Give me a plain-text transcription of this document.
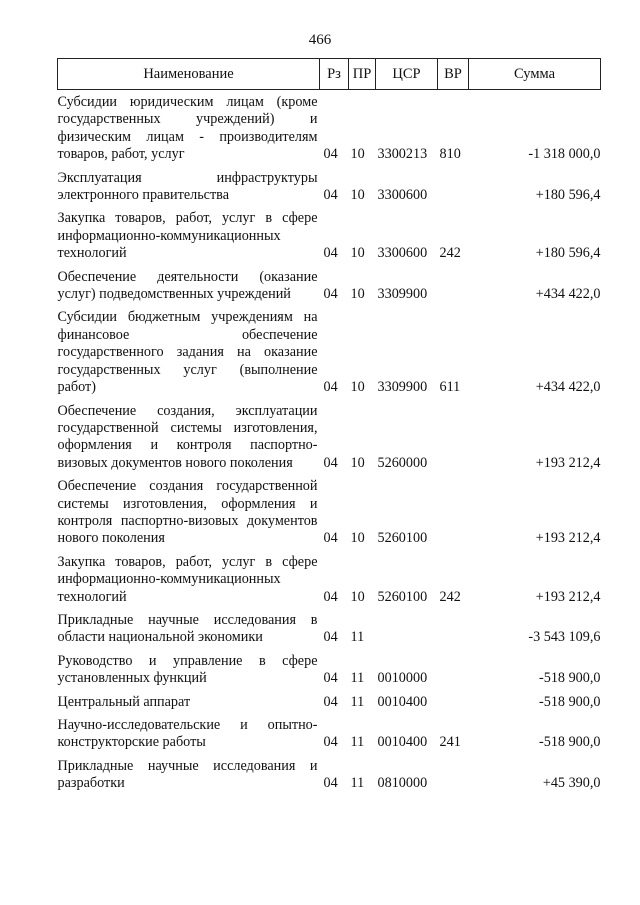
466
Наименование	Рз	ПР	ЦСР	ВР	Сумма
Субсидии юридическим лицам (кроме государственных учреждений) и физическим лицам - производителям товаров, работ, услуг	04	10	3300213	810	-1 318 000,0
Эксплуатация инфраструктуры электронного правительства	04	10	3300600		+180 596,4
Закупка товаров, работ, услуг в сфере информационно-коммуникационных технологий	04	10	3300600	242	+180 596,4
Обеспечение деятельности (оказание услуг) подведомственных учреждений	04	10	3309900		+434 422,0
Субсидии бюджетным учреждениям на финансовое обеспечение государственного задания на оказание государственных услуг (выполнение работ)	04	10	3309900	611	+434 422,0
Обеспечение создания, эксплуатации государственной системы изготовления, оформления и контроля паспортно-визовых документов нового поколения	04	10	5260000		+193 212,4
Обеспечение создания государственной системы изготовления, оформления и контроля паспортно-визовых документов нового поколения	04	10	5260100		+193 212,4
Закупка товаров, работ, услуг в сфере информационно-коммуникационных технологий	04	10	5260100	242	+193 212,4
Прикладные научные исследования в области национальной экономики	04	11			-3 543 109,6
Руководство и управление в сфере установленных функций	04	11	0010000		-518 900,0
Центральный аппарат	04	11	0010400		-518 900,0
Научно-исследовательские и опытно-конструкторские работы	04	11	0010400	241	-518 900,0
Прикладные научные исследования и разработки	04	11	0810000		+45 390,0
